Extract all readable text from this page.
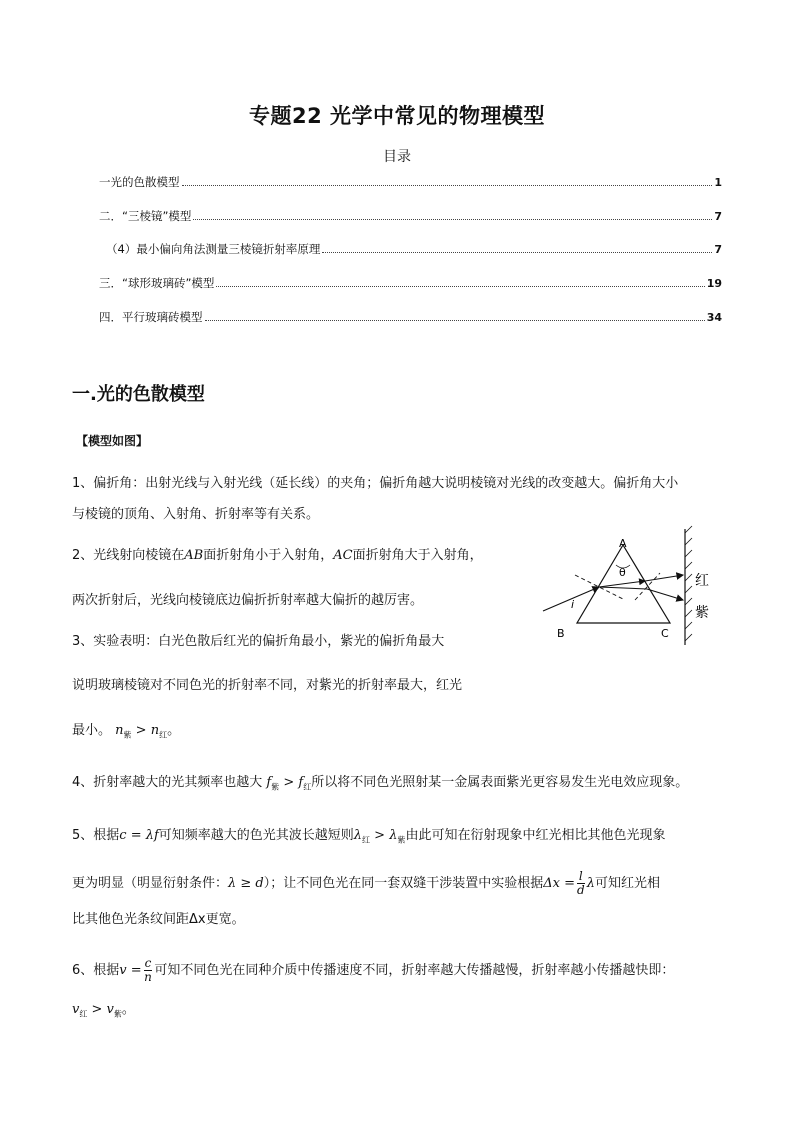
专题22 光学中常见的物理模型
目录
一光的色散模型	1
二．“三棱镜”模型	7
（4）最小偏向角法测量三棱镜折射率原理	7
三．“球形玻璃砖”模型	19
四．平行玻璃砖模型	34
一.光的色散模型
【模型如图】
1、偏折角：出射光线与入射光线（延长线）的夹角；偏折角越大说明棱镜对光线的改变越大。偏折角大小
与棱镜的顶角、入射角、折射率等有关系。
2、光线射向棱镜在AB面折射角小于入射角，AC面折射角大于入射角，
两次折射后，光线向棱镜底边偏折折射率越大偏折的越厉害。
3、实验表明：白光色散后红光的偏折角最小，紫光的偏折角最大
说明玻璃棱镜对不同色光的折射率不同，对紫光的折射率最大，红光
最小。 $n_紫 > n_红$。
4、折射率越大的光其频率也越大 $f_紫 > f_红$所以将不同色光照射某一金属表面紫光更容易发生光电效应现象。
5、根据c = λf可知频率越大的色光其波长越短则$\lambda_红 > \lambda_紫$由此可知在衍射现象中红光相比其他色光现象
更为明显（明显衍射条件：λ ≥ d）；让不同色光在同一套双缝干涉装置中实验根据$\Delta x = \frac{l}{d}$ λ可知红光相
比其他色光条纹间距Δx更宽。
6、根据$v = \frac{c}{n}$ 可知不同色光在同种介质中传播速度不同，折射率越大传播越慢，折射率越小传播越快即：
$v_红 > v_紫$。
A
B	C
θ
i
红
紫
